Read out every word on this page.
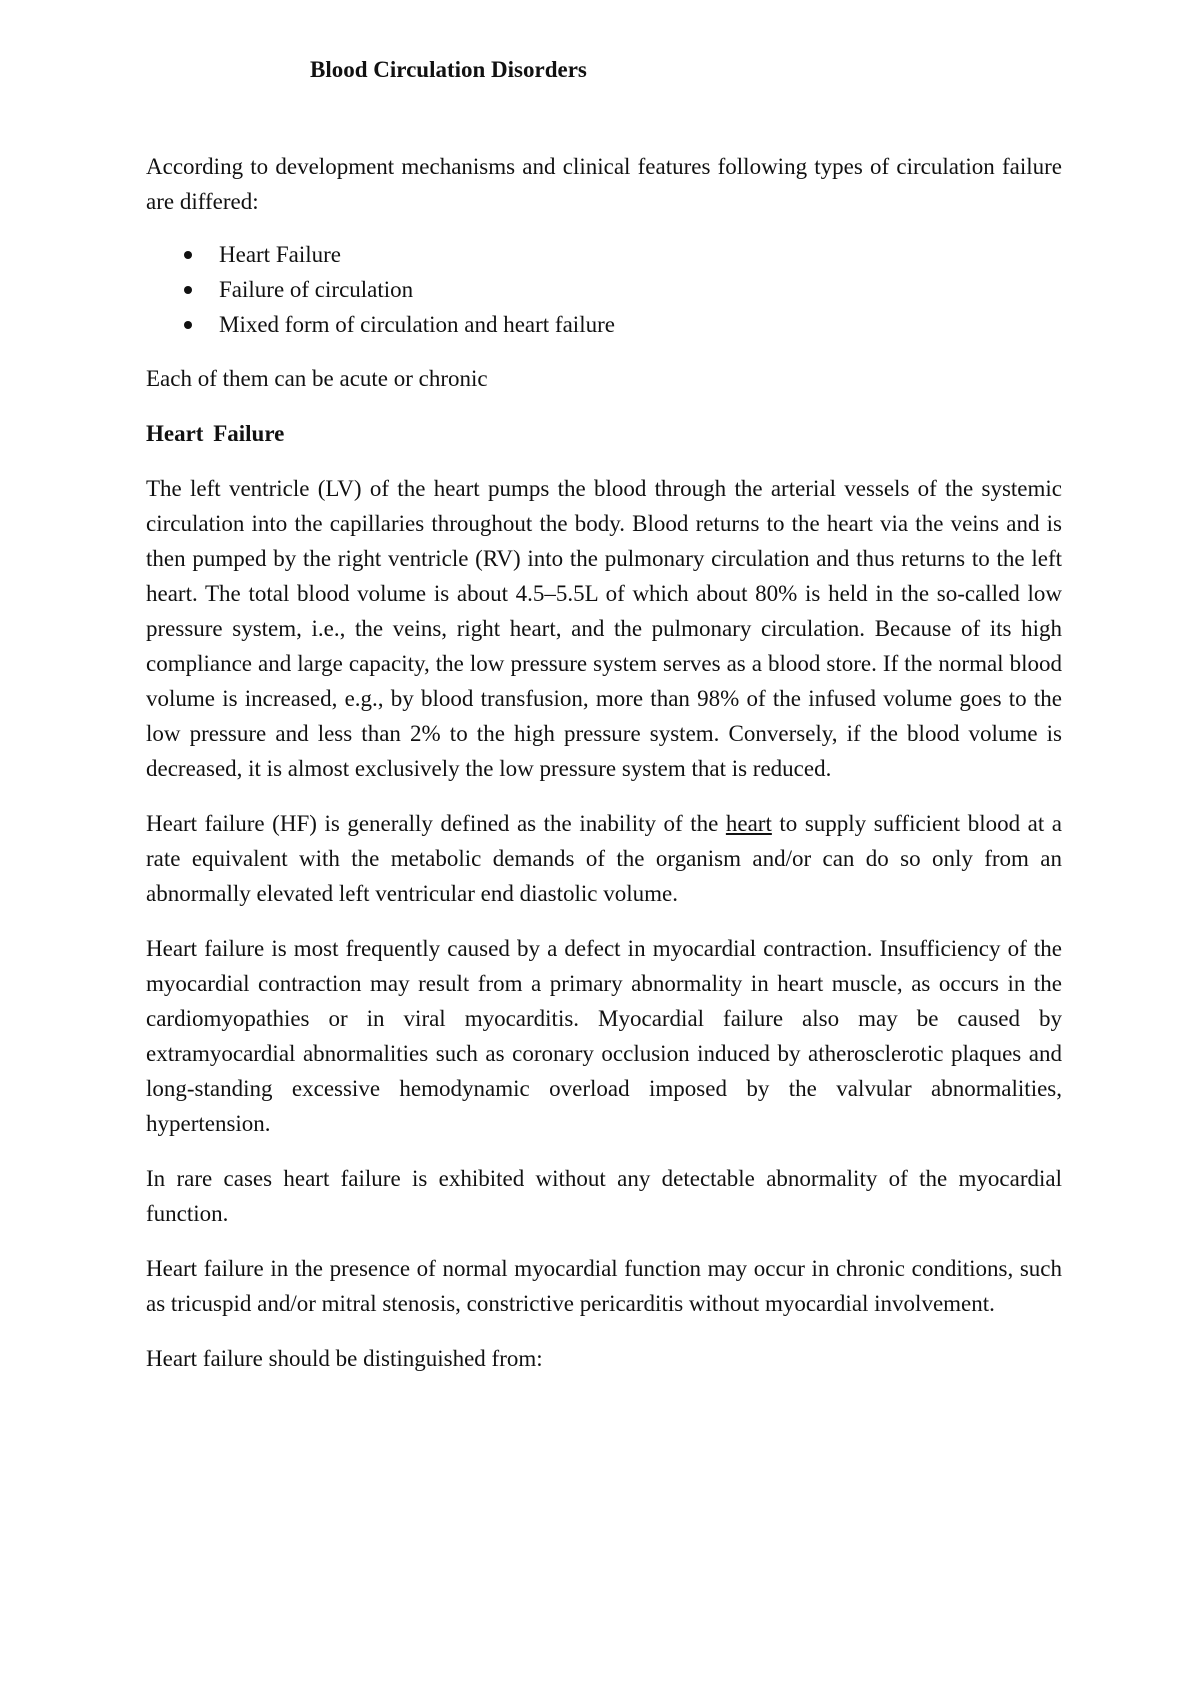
Blood Circulation Disorders

According to development mechanisms and clinical features following types of circulation failure are differed:

Heart Failure
Failure of circulation
Mixed form of circulation and heart failure

Each of them can be acute or chronic

Heart Failure

The left ventricle (LV) of the heart pumps the blood through the arterial vessels of the systemic circulation into the capillaries throughout the body. Blood returns to the heart via the veins and is then pumped by the right ventricle (RV) into the pulmonary circulation and thus returns to the left heart. The total blood volume is about 4.5–5.5L of which about 80% is held in the so-called low pressure system, i.e., the veins, right heart, and the pulmonary circulation. Because of its high compliance and large capacity, the low pressure system serves as a blood store. If the normal blood volume is increased, e.g., by blood transfusion, more than 98% of the infused volume goes to the low pressure and less than 2% to the high pressure system. Conversely, if the blood volume is decreased, it is almost exclusively the low pressure system that is reduced.

Heart failure (HF) is generally defined as the inability of the heart to supply sufficient blood at a rate equivalent with the metabolic demands of the organism and/or can do so only from an abnormally elevated left ventricular end diastolic volume.

Heart failure is most frequently caused by a defect in myocardial contraction. Insufficiency of the myocardial contraction may result from a primary abnormality in heart muscle, as occurs in the cardiomyopathies or in viral myocarditis. Myocardial failure also may be caused by extramyocardial abnormalities such as coronary occlusion induced by atherosclerotic plaques and long-standing excessive hemodynamic overload imposed by the valvular abnormalities, hypertension.

In rare cases heart failure is exhibited without any detectable abnormality of the myocardial function.

Heart failure in the presence of normal myocardial function may occur in chronic conditions, such as tricuspid and/or mitral stenosis, constrictive pericarditis without myocardial involvement.

Heart failure should be distinguished from:
